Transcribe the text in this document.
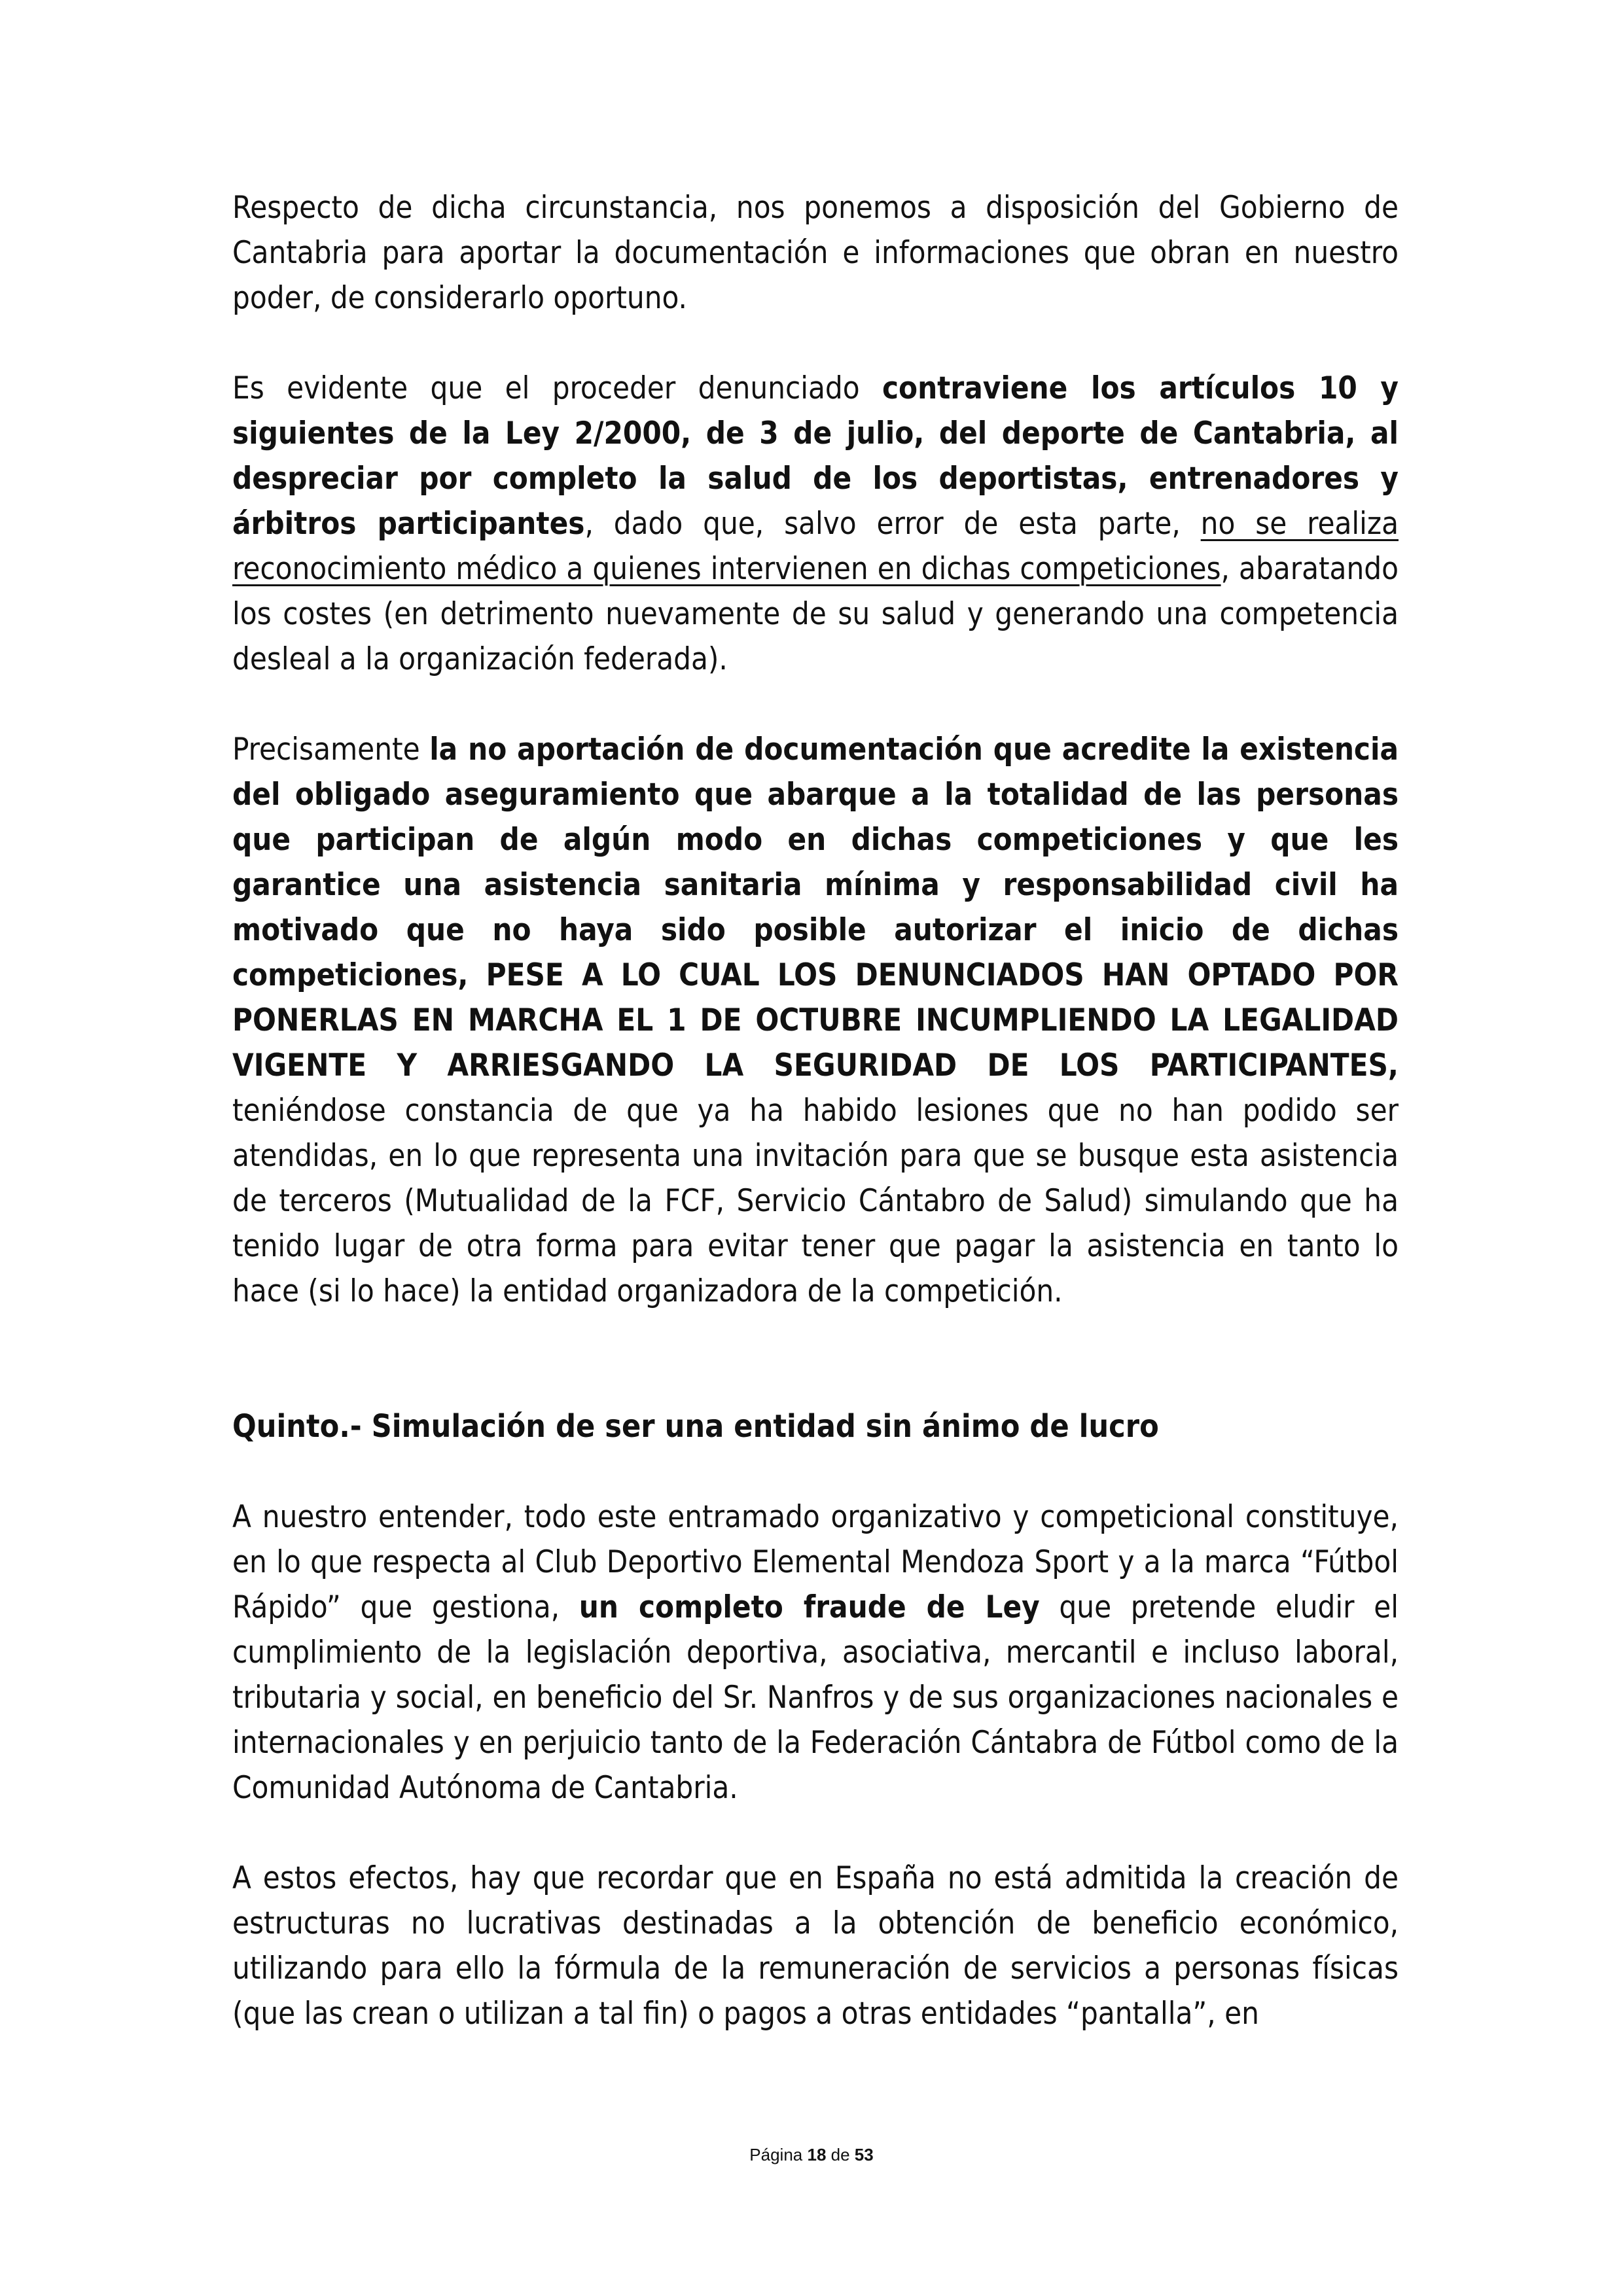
Respecto de dicha circunstancia, nos ponemos a disposición del Gobierno de Cantabria para aportar la documentación e informaciones que obran en nuestro poder, de considerarlo oportuno.

Es evidente que el proceder denunciado contraviene los artículos 10 y siguientes de la Ley 2/2000, de 3 de julio, del deporte de Cantabria, al despreciar por completo la salud de los deportistas, entrenadores y árbitros participantes, dado que, salvo error de esta parte, no se realiza reconocimiento médico a quienes intervienen en dichas competiciones, abaratando los costes (en detrimento nuevamente de su salud y generando una competencia desleal a la organización federada).

Precisamente la no aportación de documentación que acredite la existencia del obligado aseguramiento que abarque a la totalidad de las personas que participan de algún modo en dichas competiciones y que les garantice una asistencia sanitaria mínima y responsabilidad civil ha motivado que no haya sido posible autorizar el inicio de dichas competiciones, PESE A LO CUAL LOS DENUNCIADOS HAN OPTADO POR PONERLAS EN MARCHA EL 1 DE OCTUBRE INCUMPLIENDO LA LEGALIDAD VIGENTE Y ARRIESGANDO LA SEGURIDAD DE LOS PARTICIPANTES, teniéndose constancia de que ya ha habido lesiones que no han podido ser atendidas, en lo que representa una invitación para que se busque esta asistencia de terceros (Mutualidad de la FCF, Servicio Cántabro de Salud) simulando que ha tenido lugar de otra forma para evitar tener que pagar la asistencia en tanto lo hace (si lo hace) la entidad organizadora de la competición.

Quinto.- Simulación de ser una entidad sin ánimo de lucro

A nuestro entender, todo este entramado organizativo y competicional constituye, en lo que respecta al Club Deportivo Elemental Mendoza Sport y a la marca “Fútbol Rápido” que gestiona, un completo fraude de Ley que pretende eludir el cumplimiento de la legislación deportiva, asociativa, mercantil e incluso laboral, tributaria y social, en beneficio del Sr. Nanfros y de sus organizaciones nacionales e internacionales y en perjuicio tanto de la Federación Cántabra de Fútbol como de la Comunidad Autónoma de Cantabria.

A estos efectos, hay que recordar que en España no está admitida la creación de estructuras no lucrativas destinadas a la obtención de beneficio económico, utilizando para ello la fórmula de la remuneración de servicios a personas físicas (que las crean o utilizan a tal fin) o pagos a otras entidades “pantalla”, en

Página 18 de 53
